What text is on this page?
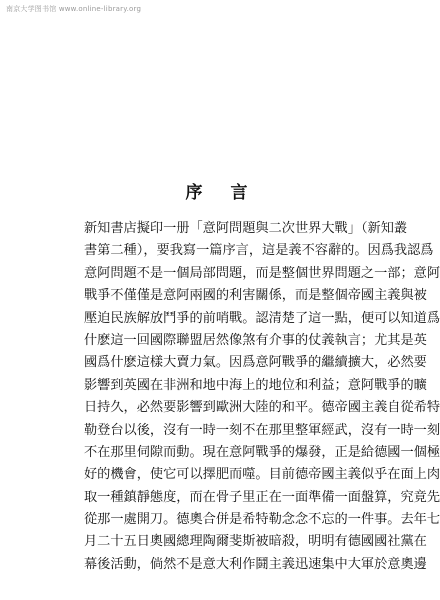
南京大学图书馆 www.online-library.org
序言
新知書店擬印一册「意阿問題與二次世界大戰」（新知叢
書第二種），要我寫一篇序言，這是義不容辭的。因爲我認爲
意阿問題不是一個局部問題，而是整個世界問題之一部；意阿
戰爭不僅僅是意阿兩國的利害關係，而是整個帝國主義與被
壓迫民族解放鬥爭的前哨戰。認清楚了這一點，便可以知道爲
什麽這一回國際聯盟居然像煞有介事的仗義執言；尤其是英
國爲什麽這樣大賣力氣。因爲意阿戰爭的繼續擴大，必然要
影響到英國在非洲和地中海上的地位和利益；意阿戰爭的曠
日持久，必然要影響到歐洲大陸的和平。德帝國主義自從希特
勒登台以後，沒有一時一刻不在那里整軍經武，沒有一時一刻
不在那里伺隙而動。現在意阿戰爭的爆發，正是給德國一個極
好的機會，使它可以擇肥而噬。目前德帝國主義似乎在面上肉
取一種鎮靜態度，而在骨子里正在一面準備一面盤算，究竟先
從那一處開刀。德奧合併是希特勒念念不忘的一件事。去年七
月二十五日奧國總理陶爾斐斯被暗殺，明明有德國國社黨在
幕後活動，倘然不是意大利作鬪主義迅速集中大軍於意奧邊
